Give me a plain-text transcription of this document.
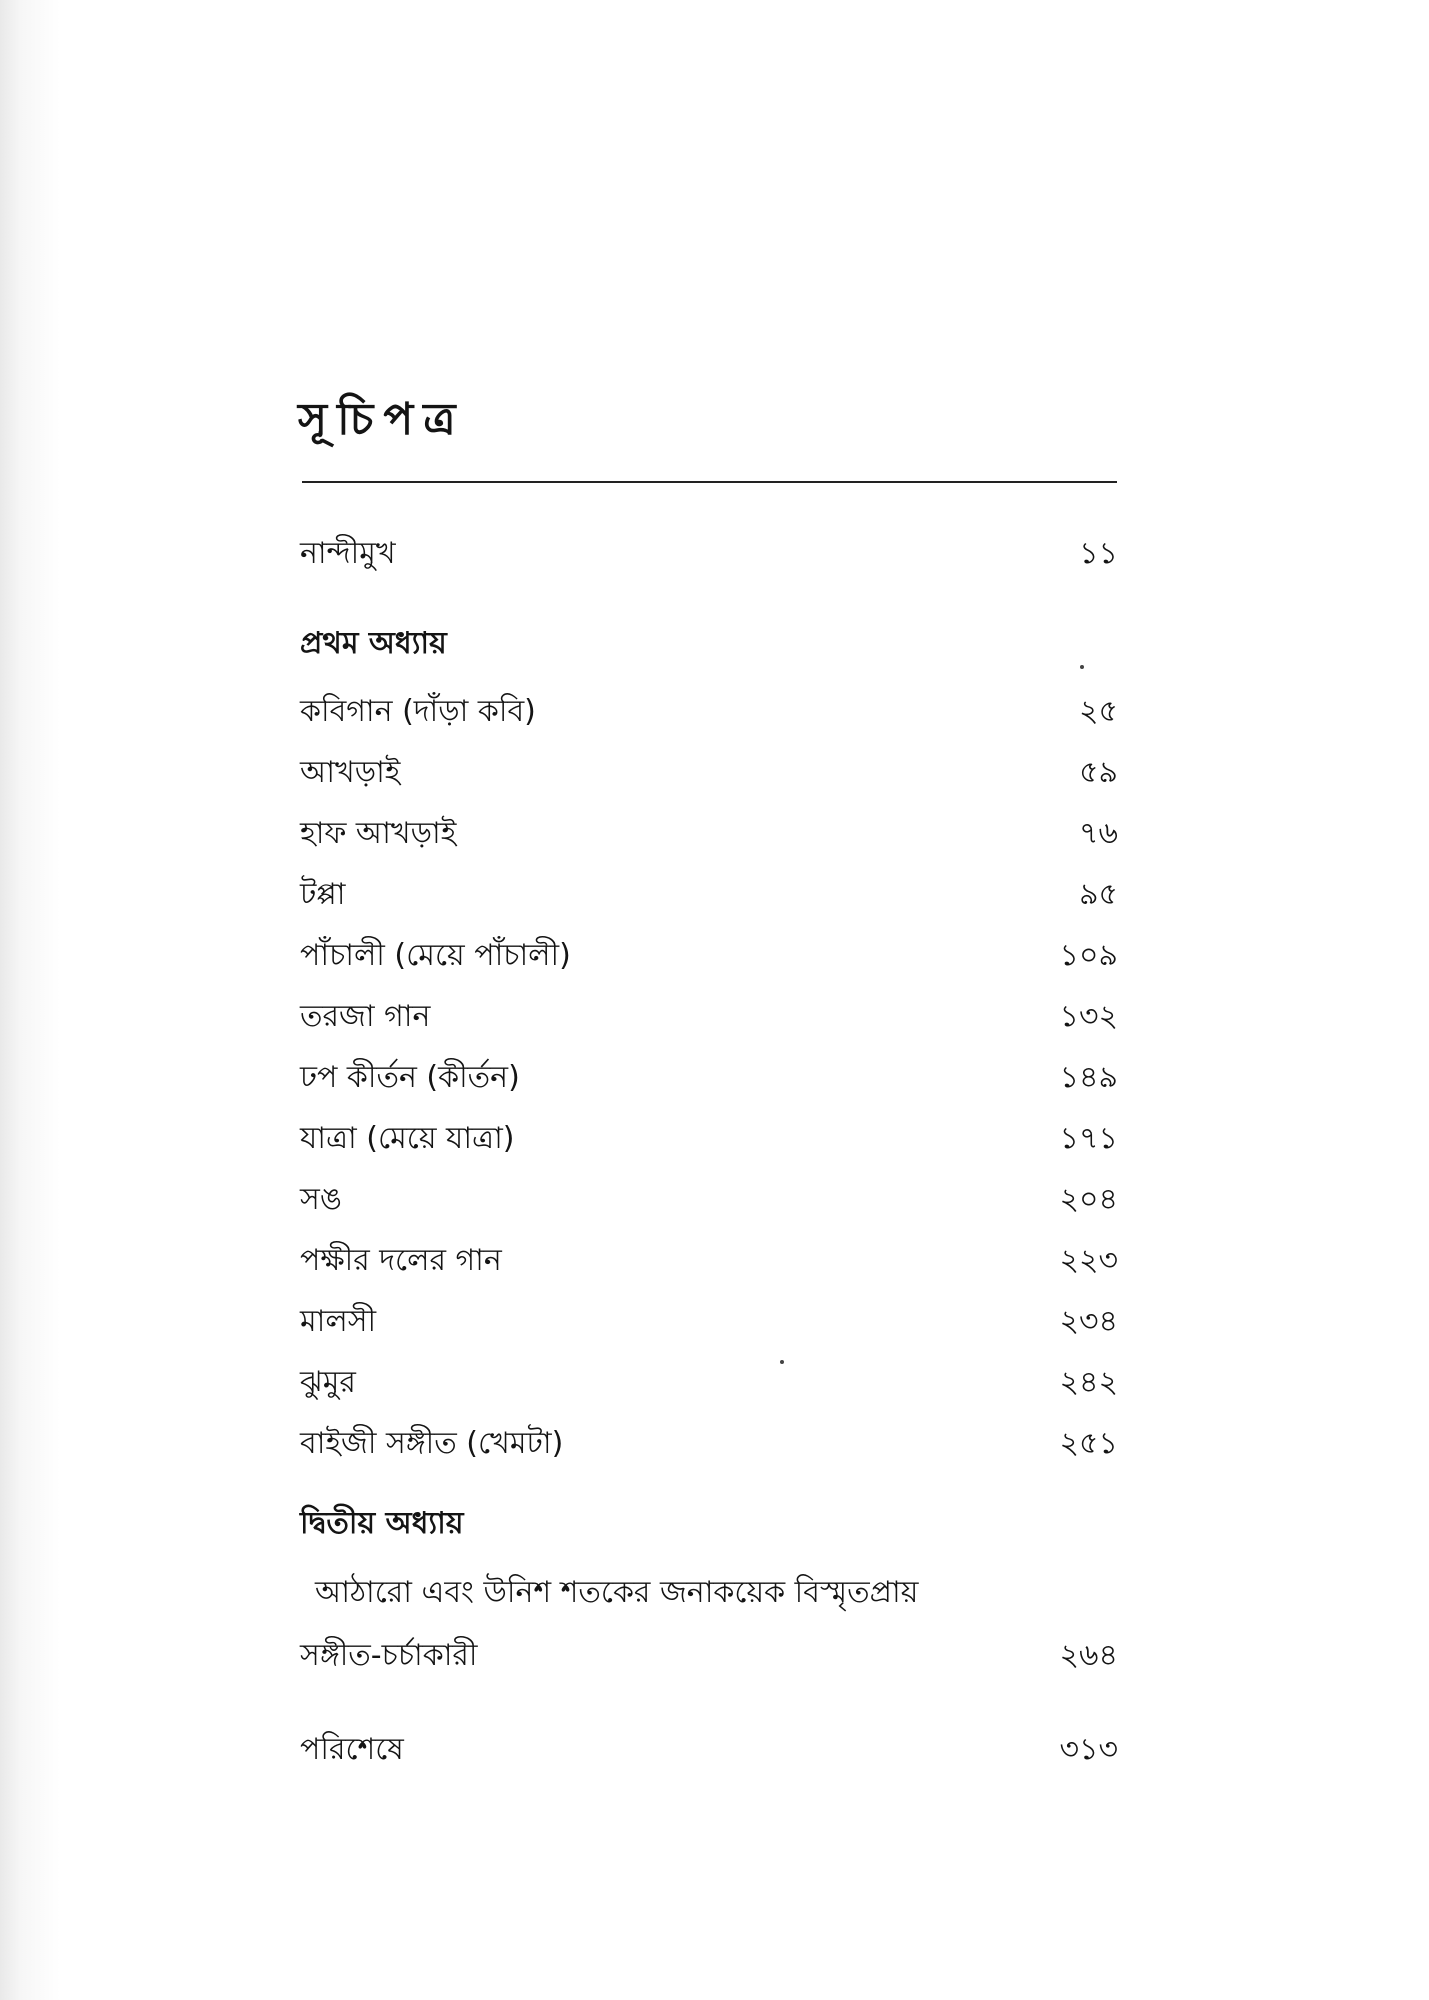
সূচিপত্র
নান্দীমুখ	১১
প্রথম অধ্যায়
কবিগান (দাঁড়া কবি)	২৫
আখড়াই	৫৯
হাফ আখড়াই	৭৬
টপ্পা	৯৫
পাঁচালী (মেয়ে পাঁচালী)	১০৯
তরজা গান	১৩২
ঢপ কীর্তন (কীর্তন)	১৪৯
যাত্রা (মেয়ে যাত্রা)	১৭১
সঙ	২০৪
পক্ষীর দলের গান	২২৩
মালসী	২৩৪
ঝুমুর	২৪২
বাইজী সঙ্গীত (খেমটা)	২৫১
দ্বিতীয় অধ্যায়
আঠারো এবং উনিশ শতকের জনাকয়েক বিস্মৃতপ্রায়
সঙ্গীত-চর্চাকারী	২৬৪
পরিশেষে	৩১৩
